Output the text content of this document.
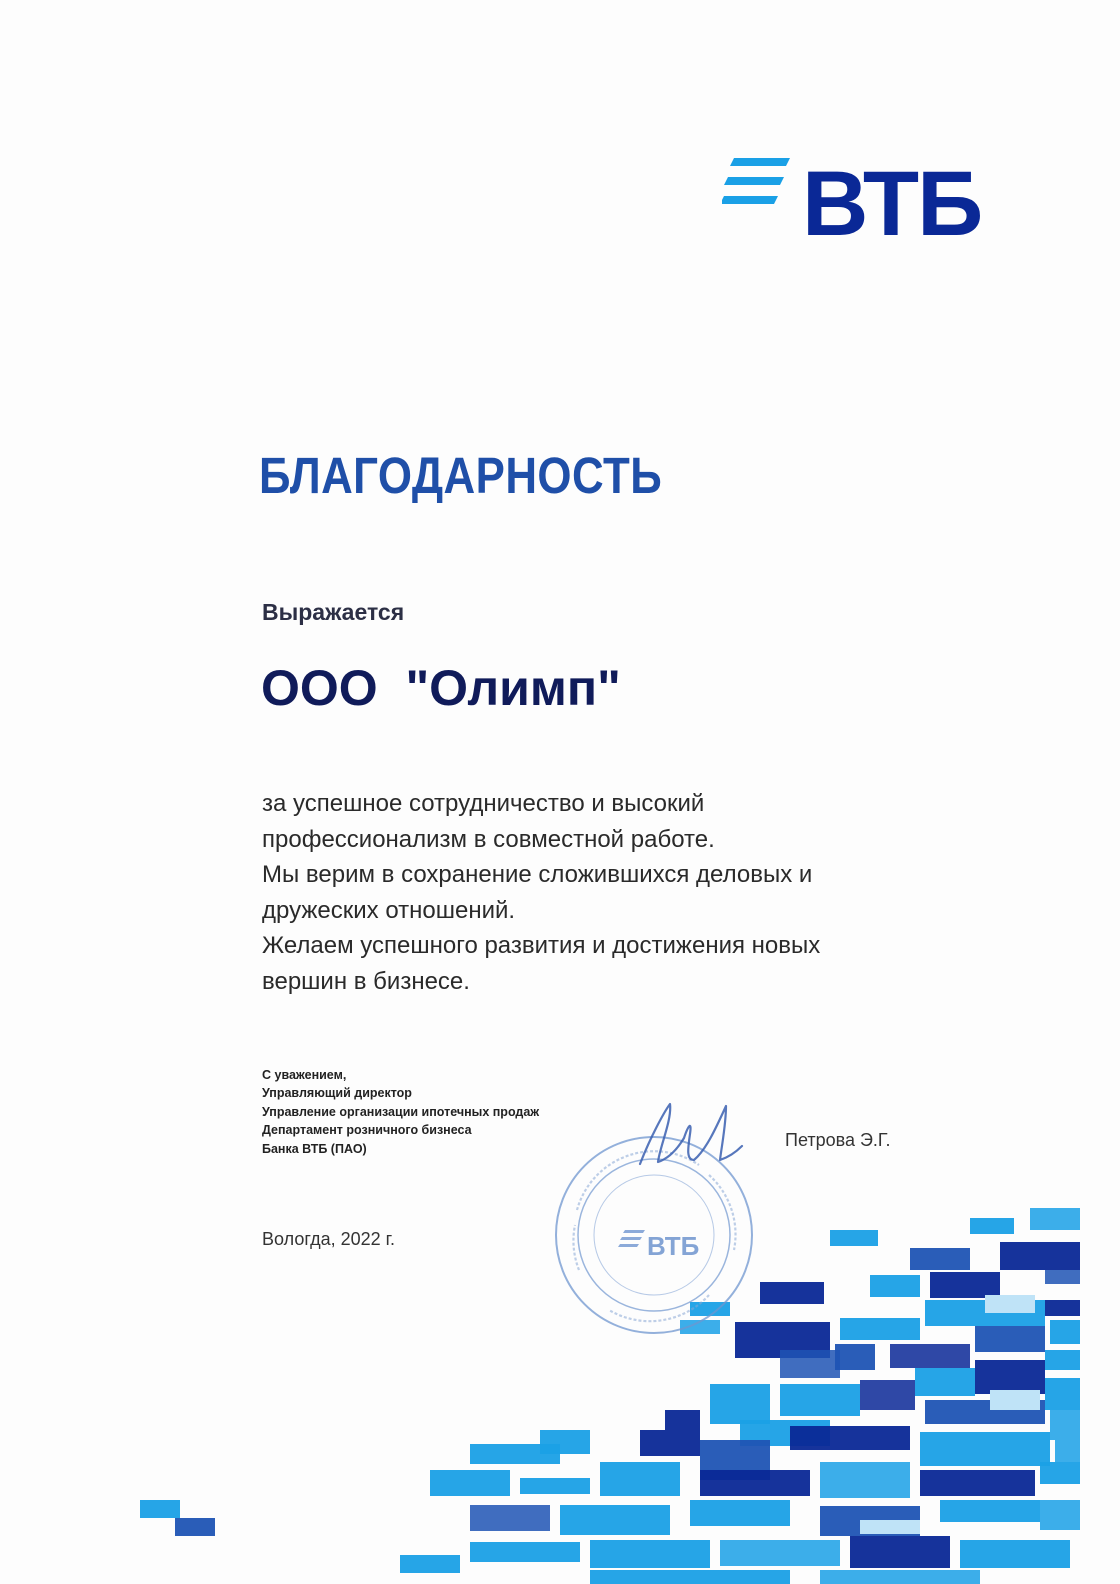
ВТБ
БЛАГОДАРНОСТЬ
Выражается
ООО  "Олимп"
за успешное сотрудничество и высокий
профессионализм в совместной работе.
Мы верим в сохранение сложившихся деловых и
дружеских отношений.
Желаем успешного развития и достижения новых
вершин в бизнесе.
С уважением,
Управляющий директор
Управление организации ипотечных продаж
Департамент розничного бизнеса
Банка ВТБ (ПАО)
ВТБ
Петрова Э.Г.
Вологда, 2022 г.
